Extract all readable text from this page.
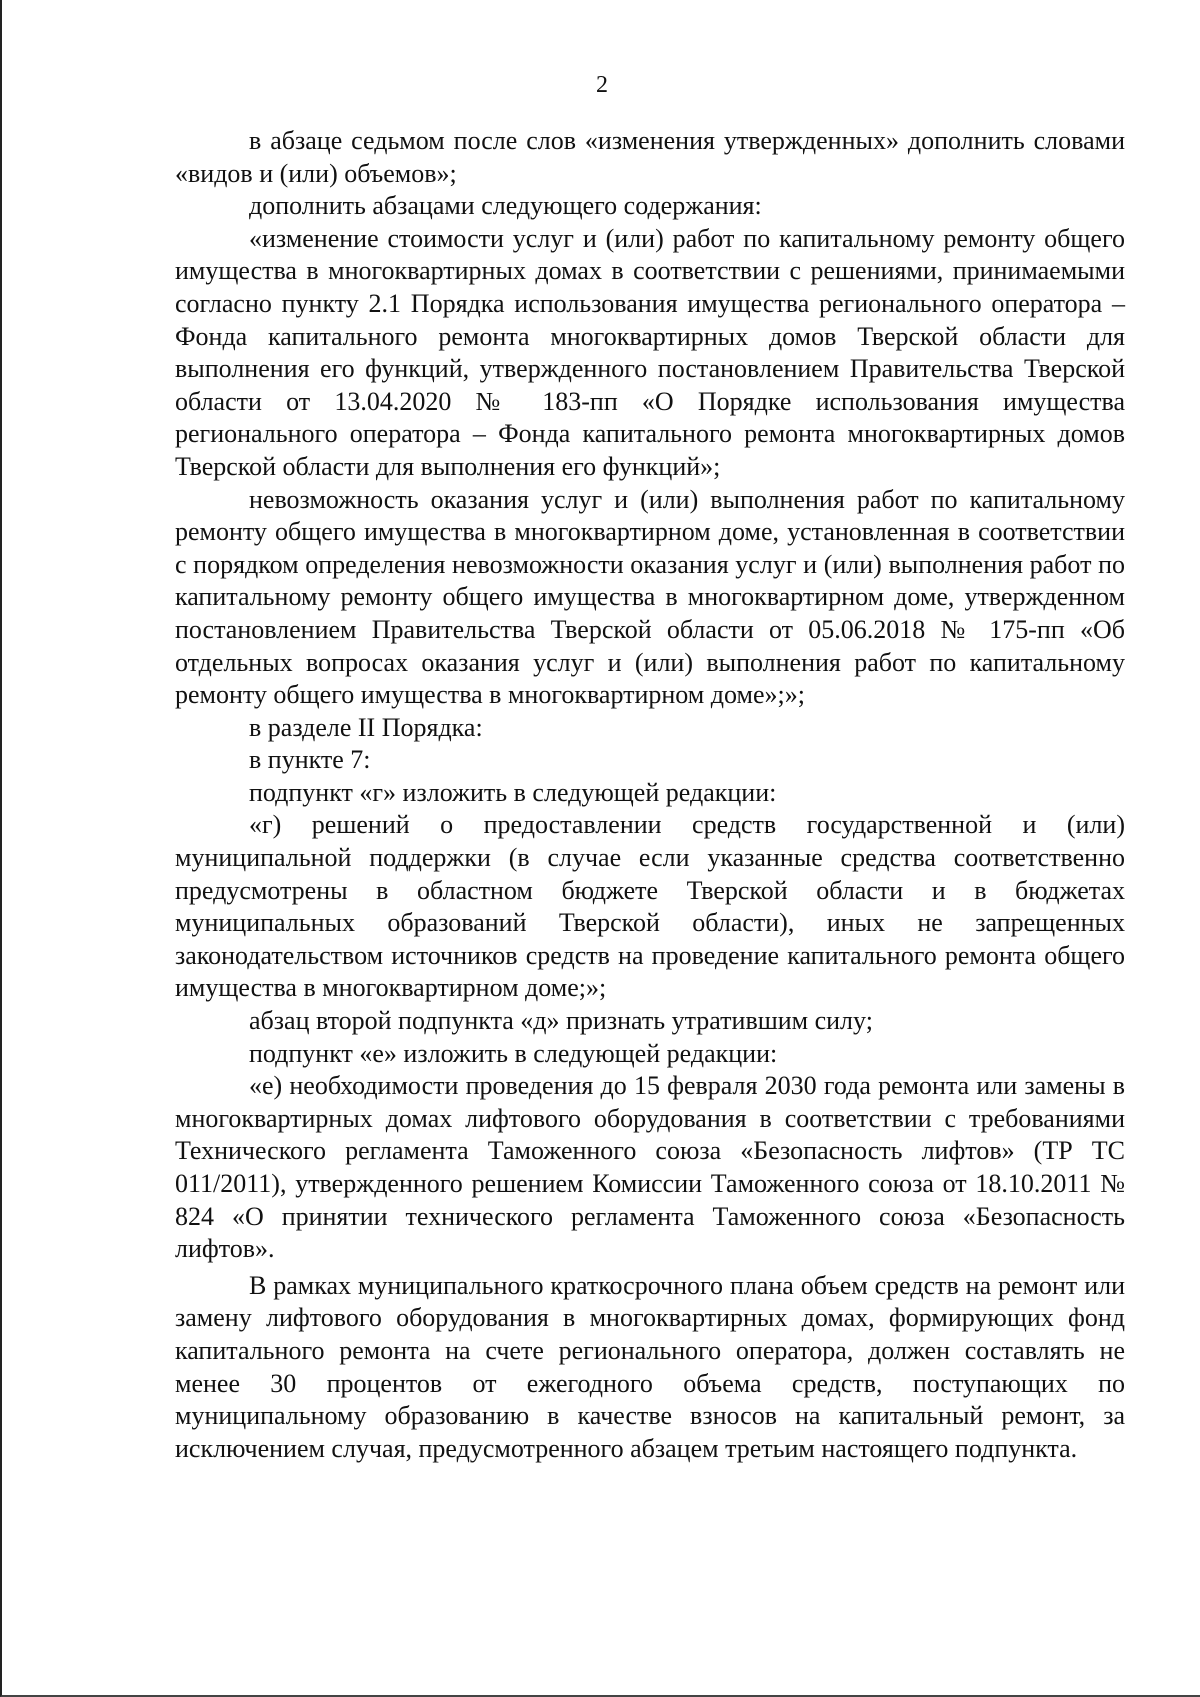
2

в абзаце седьмом после слов «изменения утвержденных» дополнить словами «видов и (или) объемов»;

дополнить абзацами следующего содержания:

«изменение стоимости услуг и (или) работ по капитальному ремонту общего имущества в многоквартирных домах в соответствии с решениями, принимаемыми согласно пункту 2.1 Порядка использования имущества регионального оператора – Фонда капитального ремонта многоквартирных домов Тверской области для выполнения его функций, утвержденного постановлением Правительства Тверской области от 13.04.2020 № 183-пп «О Порядке использования имущества регионального оператора – Фонда капитального ремонта многоквартирных домов Тверской области для выполнения его функций»;

невозможность оказания услуг и (или) выполнения работ по капитальному ремонту общего имущества в многоквартирном доме, установленная в соответствии с порядком определения невозможности оказания услуг и (или) выполнения работ по капитальному ремонту общего имущества в многоквартирном доме, утвержденном постановлением Правительства Тверской области от 05.06.2018 № 175-пп «Об отдельных вопросах оказания услуг и (или) выполнения работ по капитальному ремонту общего имущества в многоквартирном доме»;»;

в разделе II Порядка:

в пункте 7:

подпункт «г» изложить в следующей редакции:

«г) решений о предоставлении средств государственной и (или) муниципальной поддержки (в случае если указанные средства соответственно предусмотрены в областном бюджете Тверской области и в бюджетах муниципальных образований Тверской области), иных не запрещенных законодательством источников средств на проведение капитального ремонта общего имущества в многоквартирном доме;»;

абзац второй подпункта «д» признать утратившим силу;

подпункт «е» изложить в следующей редакции:

«е) необходимости проведения до 15 февраля 2030 года ремонта или замены в многоквартирных домах лифтового оборудования в соответствии с требованиями Технического регламента Таможенного союза «Безопасность лифтов» (ТР ТС 011/2011), утвержденного решением Комиссии Таможенного союза от 18.10.2011 № 824 «О принятии технического регламента Таможенного союза «Безопасность лифтов».

В рамках муниципального краткосрочного плана объем средств на ремонт или замену лифтового оборудования в многоквартирных домах, формирующих фонд капитального ремонта на счете регионального оператора, должен составлять не менее 30 процентов от ежегодного объема средств, поступающих по муниципальному образованию в качестве взносов на капитальный ремонт, за исключением случая, предусмотренного абзацем третьим настоящего подпункта.
